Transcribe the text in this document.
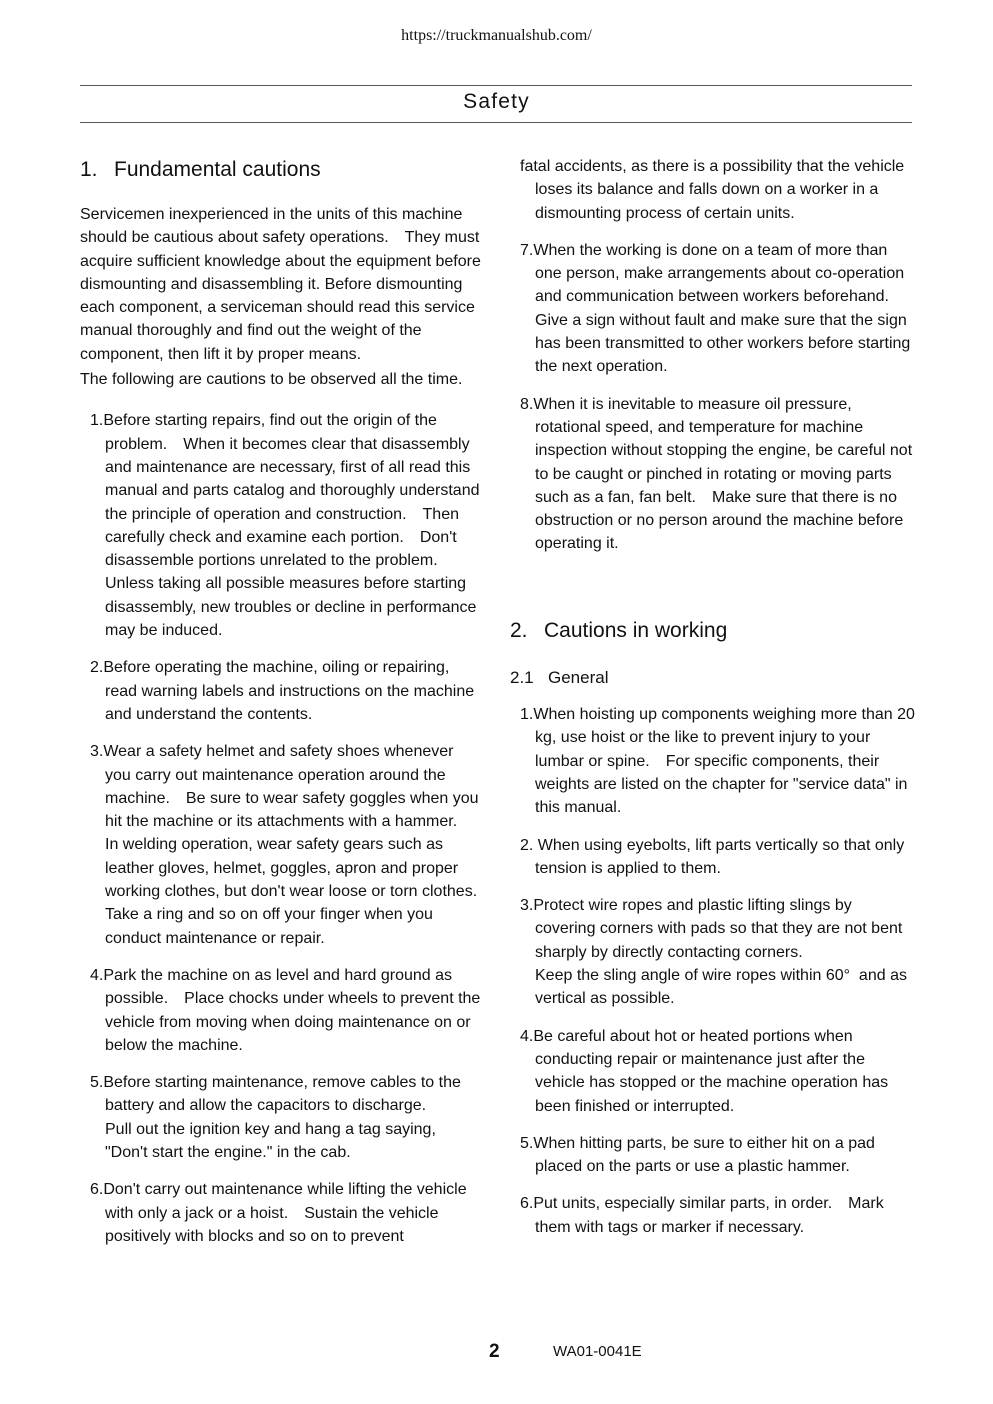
https://truckmanualshub.com/
Safety
1. Fundamental cautions

Servicemen inexperienced in the units of this machine should be cautious about safety operations.　They must acquire sufficient knowledge about the equipment before dismounting and disassembling it. Before dismounting each component, a serviceman should read this service manual thoroughly and find out the weight of the component, then lift it by proper means.

The following are cautions to be observed all the time.

1.Before starting repairs, find out the origin of the problem.　When it becomes clear that disassembly and maintenance are necessary, first of all read this manual and parts catalog and thoroughly understand the principle of operation and construction.　Then carefully check and examine each portion.　Don't disassemble portions unrelated to the problem.　Unless taking all possible measures before starting disassembly, new troubles or decline in performance may be induced.
2.Before operating the machine, oiling or repairing, read warning labels and instructions on the machine and understand the contents.
3.Wear a safety helmet and safety shoes whenever you carry out maintenance operation around the machine.　Be sure to wear safety goggles when you hit the machine or its attachments with a hammer.　In welding operation, wear safety gears such as leather gloves, helmet, goggles, apron and proper working clothes, but don't wear loose or torn clothes.　Take a ring and so on off your finger when you conduct maintenance or repair.
4.Park the machine on as level and hard ground as possible.　Place chocks under wheels to prevent the vehicle from moving when doing maintenance on or below the machine.
5.Before starting maintenance, remove cables to the battery and allow the capacitors to discharge.
Pull out the ignition key and hang a tag saying, "Don't start the engine." in the cab.
6.Don't carry out maintenance while lifting the vehicle with only a jack or a hoist.　Sustain the vehicle positively with blocks and so on to prevent
fatal accidents, as there is a possibility that the vehicle loses its balance and falls down on a worker in a dismounting process of certain units.
7.When the working is done on a team of more than one person, make arrangements about co-operation and communication between workers beforehand.　Give a sign without fault and make sure that the sign has been transmitted to other workers before starting the next operation.
8.When it is inevitable to measure oil pressure, rotational speed, and temperature for machine inspection without stopping the engine, be careful not to be caught or pinched in rotating or moving parts such as a fan, fan belt.　Make sure that there is no obstruction or no person around the machine before operating it.
2. Cautions in working
2.1 General
1.When hoisting up components weighing more than 20 kg, use hoist or the like to prevent injury to your lumbar or spine.　For specific components, their weights are listed on the chapter for "service data" in this manual.
2. When using eyebolts, lift parts vertically so that only tension is applied to them.
3.Protect wire ropes and plastic lifting slings by covering corners with pads so that they are not bent sharply by directly contacting corners.
Keep the sling angle of wire ropes within 60°  and as vertical as possible.
4.Be careful about hot or heated portions when conducting repair or maintenance just after the vehicle has stopped or the machine operation has been finished or interrupted.
5.When hitting parts, be sure to either hit on a pad placed on the parts or use a plastic hammer.
6.Put units, especially similar parts, in order.　Mark them with tags or marker if necessary.
2	WA01-0041E
